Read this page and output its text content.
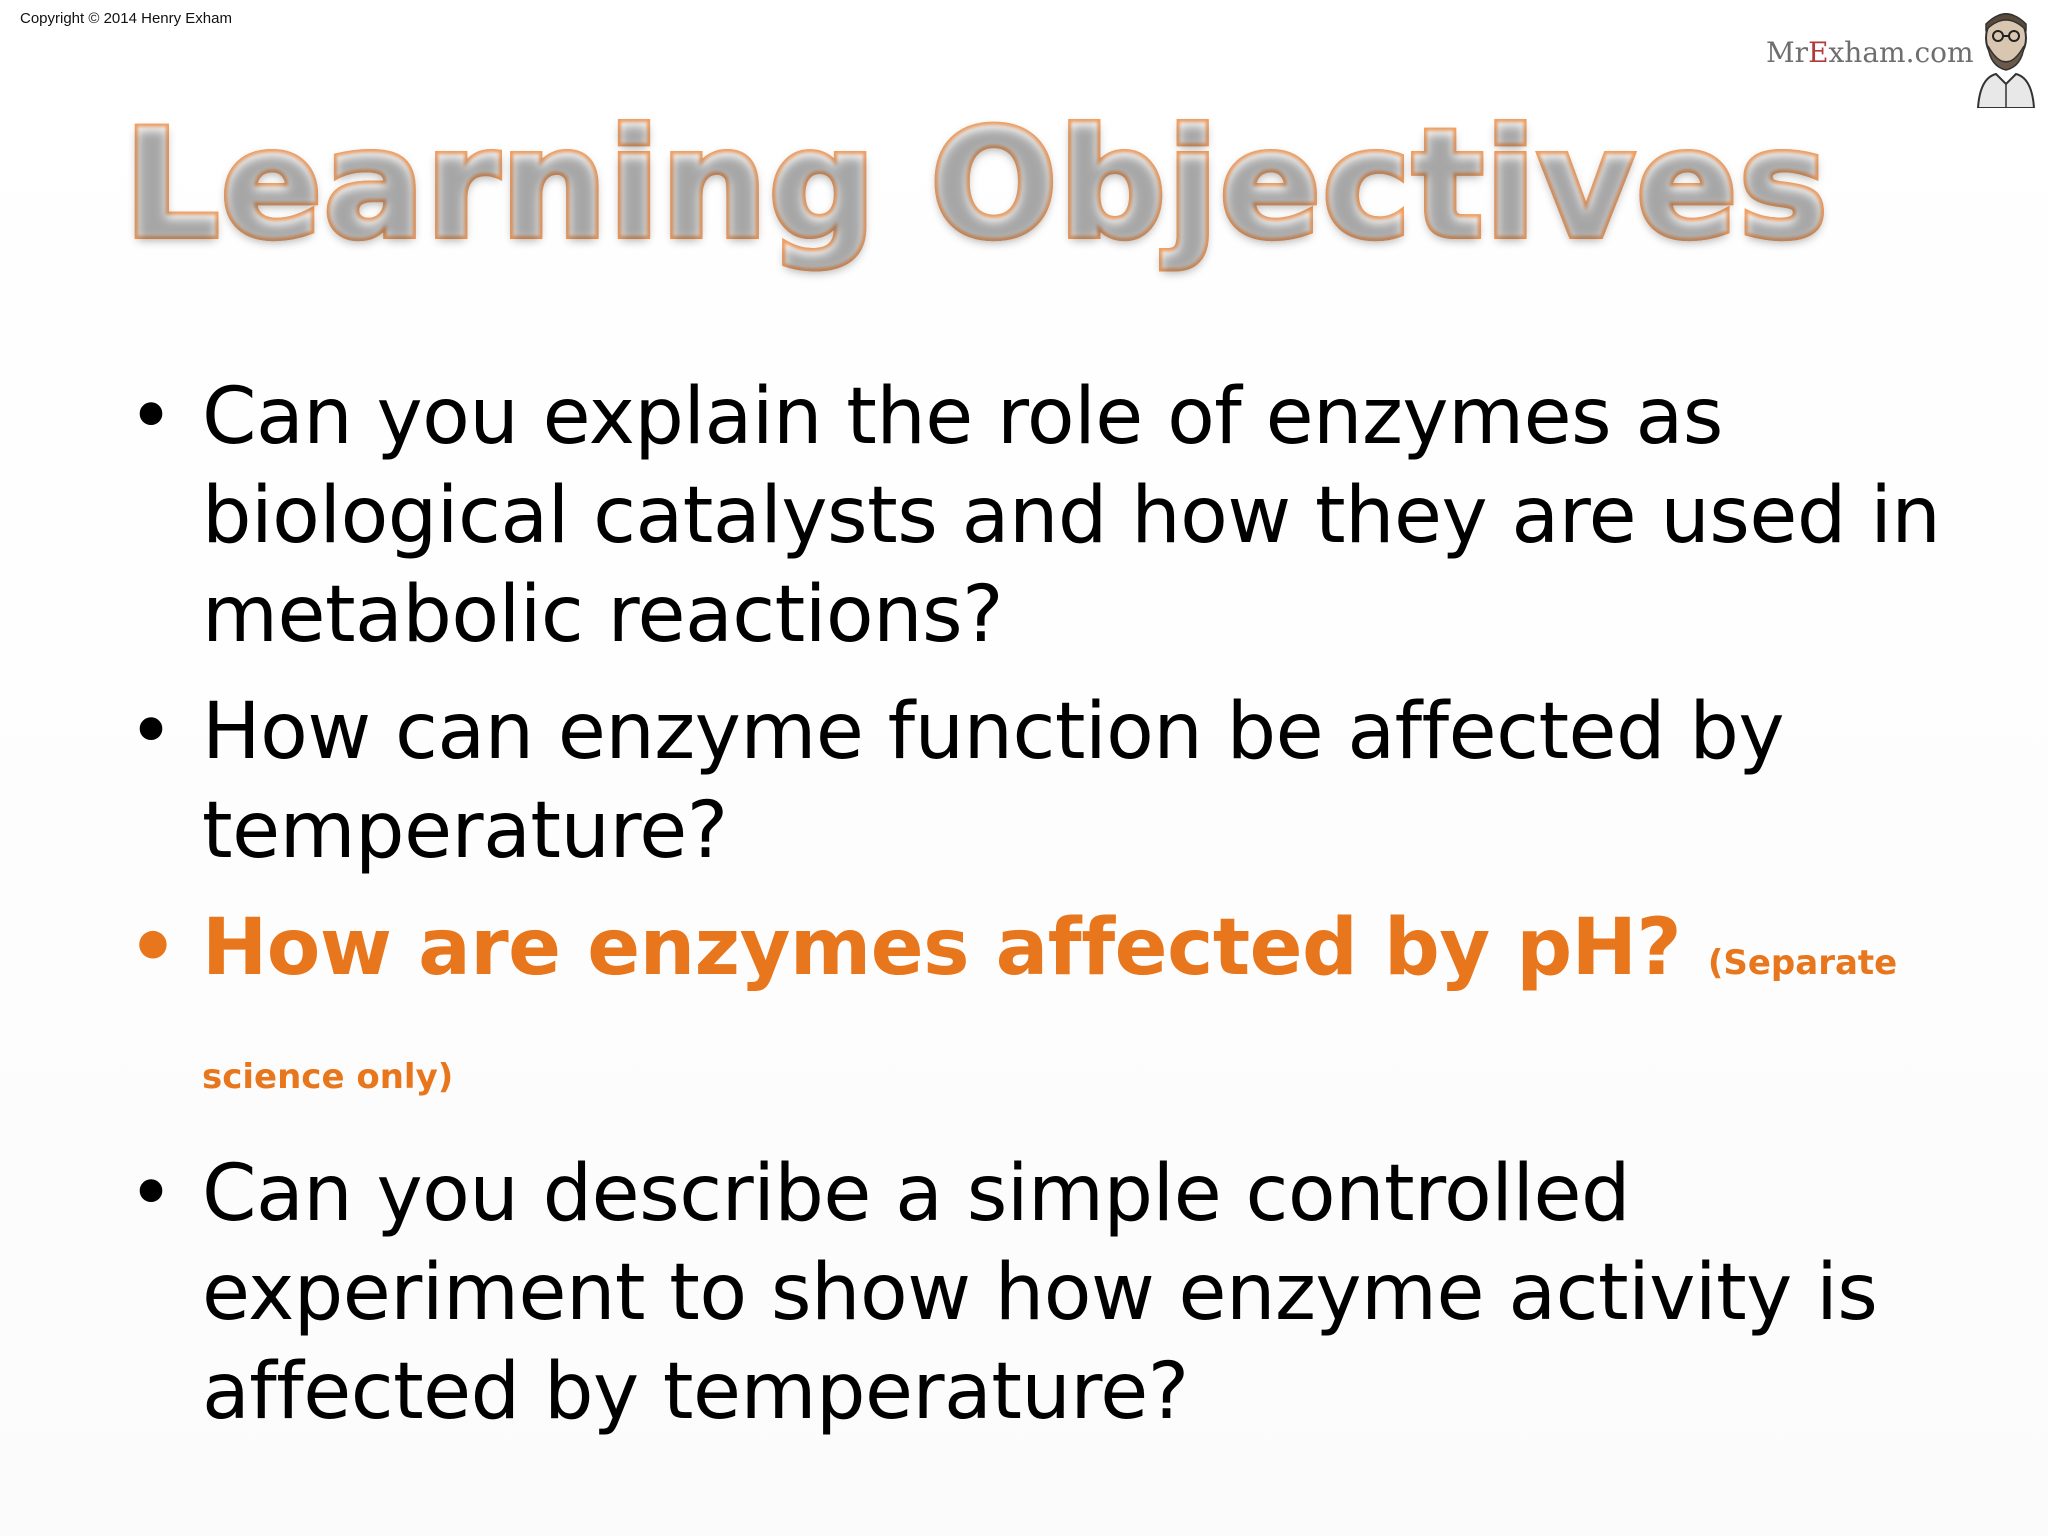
Copyright © 2014 Henry Exham
MrExham.com
Learning Objectives
• Can you explain the role of enzymes as biological catalysts and how they are used in metabolic reactions?
• How can enzyme function be affected by temperature?
• How are enzymes affected by pH? (Separate science only)
• Can you describe a simple controlled experiment to show how enzyme activity is affected by temperature?
